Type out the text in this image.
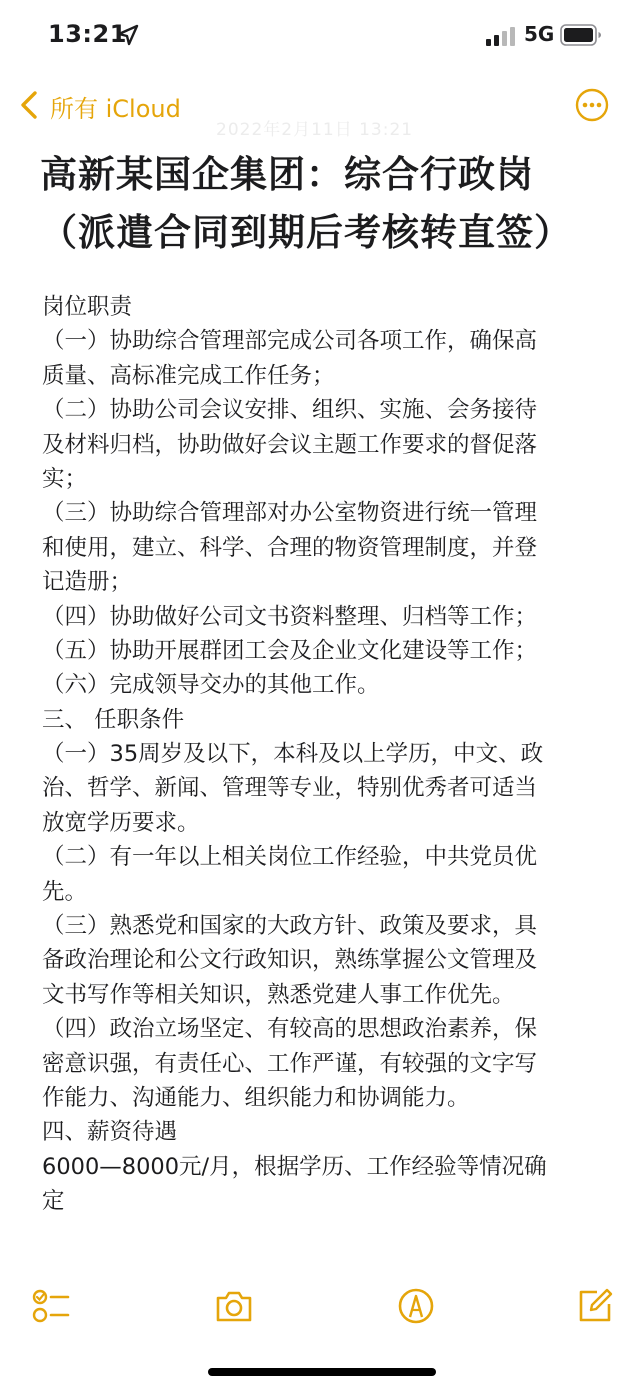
13:21	5G
所有 iCloud
2022年2月11日 13:21
高新某国企集团：综合行政岗
（派遣合同到期后考核转直签）
岗位职责
（一）协助综合管理部完成公司各项工作，确保高
质量、高标准完成工作任务；
（二）协助公司会议安排、组织、实施、会务接待
及材料归档，协助做好会议主题工作要求的督促落
实；
（三）协助综合管理部对办公室物资进行统一管理
和使用，建立、科学、合理的物资管理制度，并登
记造册；
（四）协助做好公司文书资料整理、归档等工作；
（五）协助开展群团工会及企业文化建设等工作；
（六）完成领导交办的其他工作。
三、 任职条件
（一）35周岁及以下，本科及以上学历，中文、政
治、哲学、新闻、管理等专业，特别优秀者可适当
放宽学历要求。
（二）有一年以上相关岗位工作经验，中共党员优
先。
（三）熟悉党和国家的大政方针、政策及要求，具
备政治理论和公文行政知识，熟练掌握公文管理及
文书写作等相关知识，熟悉党建人事工作优先。
（四）政治立场坚定、有较高的思想政治素养，保
密意识强，有责任心、工作严谨，有较强的文字写
作能力、沟通能力、组织能力和协调能力。
四、薪资待遇
6000—8000元/月，根据学历、工作经验等情况确
定
